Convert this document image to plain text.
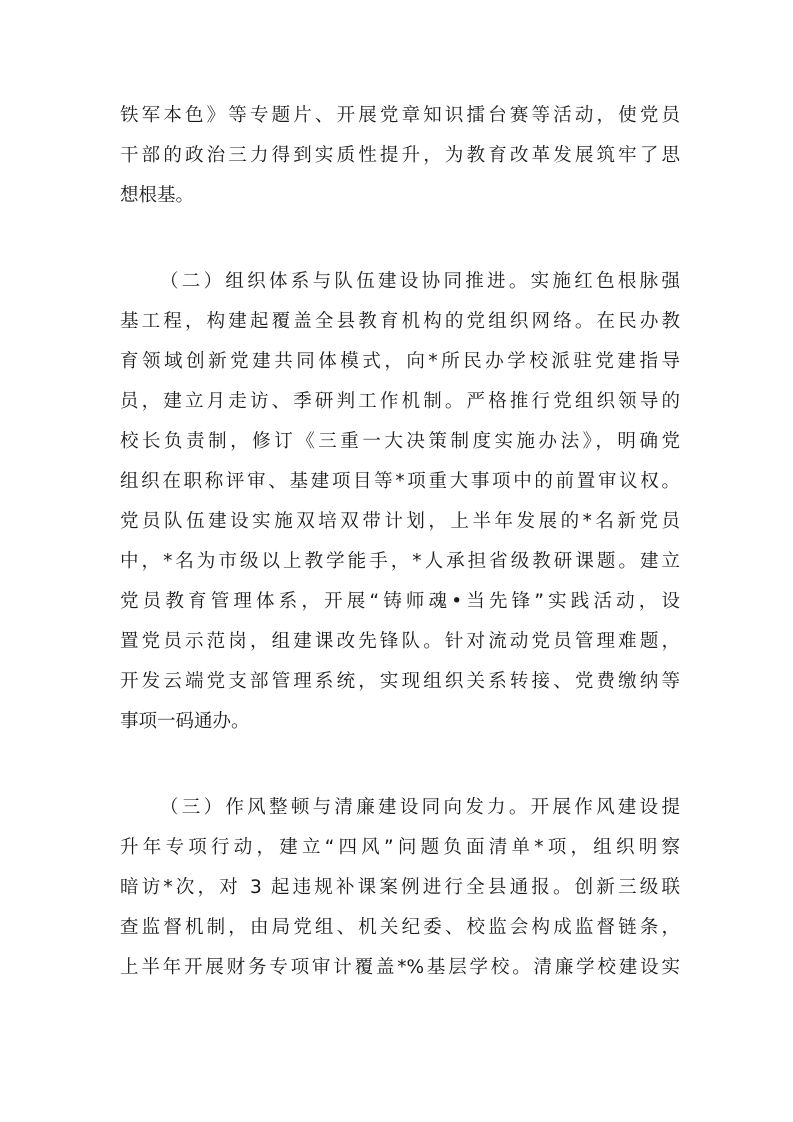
铁军本色》等专题片、开展党章知识擂台赛等活动，使党员
干部的政治三力得到实质性提升，为教育改革发展筑牢了思
想根基。
（二）组织体系与队伍建设协同推进。实施红色根脉强
基工程，构建起覆盖全县教育机构的党组织网络。在民办教
育领域创新党建共同体模式，向*所民办学校派驻党建指导
员，建立月走访、季研判工作机制。严格推行党组织领导的
校长负责制，修订《三重一大决策制度实施办法》，明确党
组织在职称评审、基建项目等*项重大事项中的前置审议权。
党员队伍建设实施双培双带计划，上半年发展的*名新党员
中，*名为市级以上教学能手，*人承担省级教研课题。建立
党员教育管理体系，开展“铸师魂•当先锋”实践活动，设
置党员示范岗，组建课改先锋队。针对流动党员管理难题，
开发云端党支部管理系统，实现组织关系转接、党费缴纳等
事项一码通办。
（三）作风整顿与清廉建设同向发力。开展作风建设提
升年专项行动，建立“四风”问题负面清单*项，组织明察
暗访*次，对 3 起违规补课案例进行全县通报。创新三级联
查监督机制，由局党组、机关纪委、校监会构成监督链条，
上半年开展财务专项审计覆盖*%基层学校。清廉学校建设实
